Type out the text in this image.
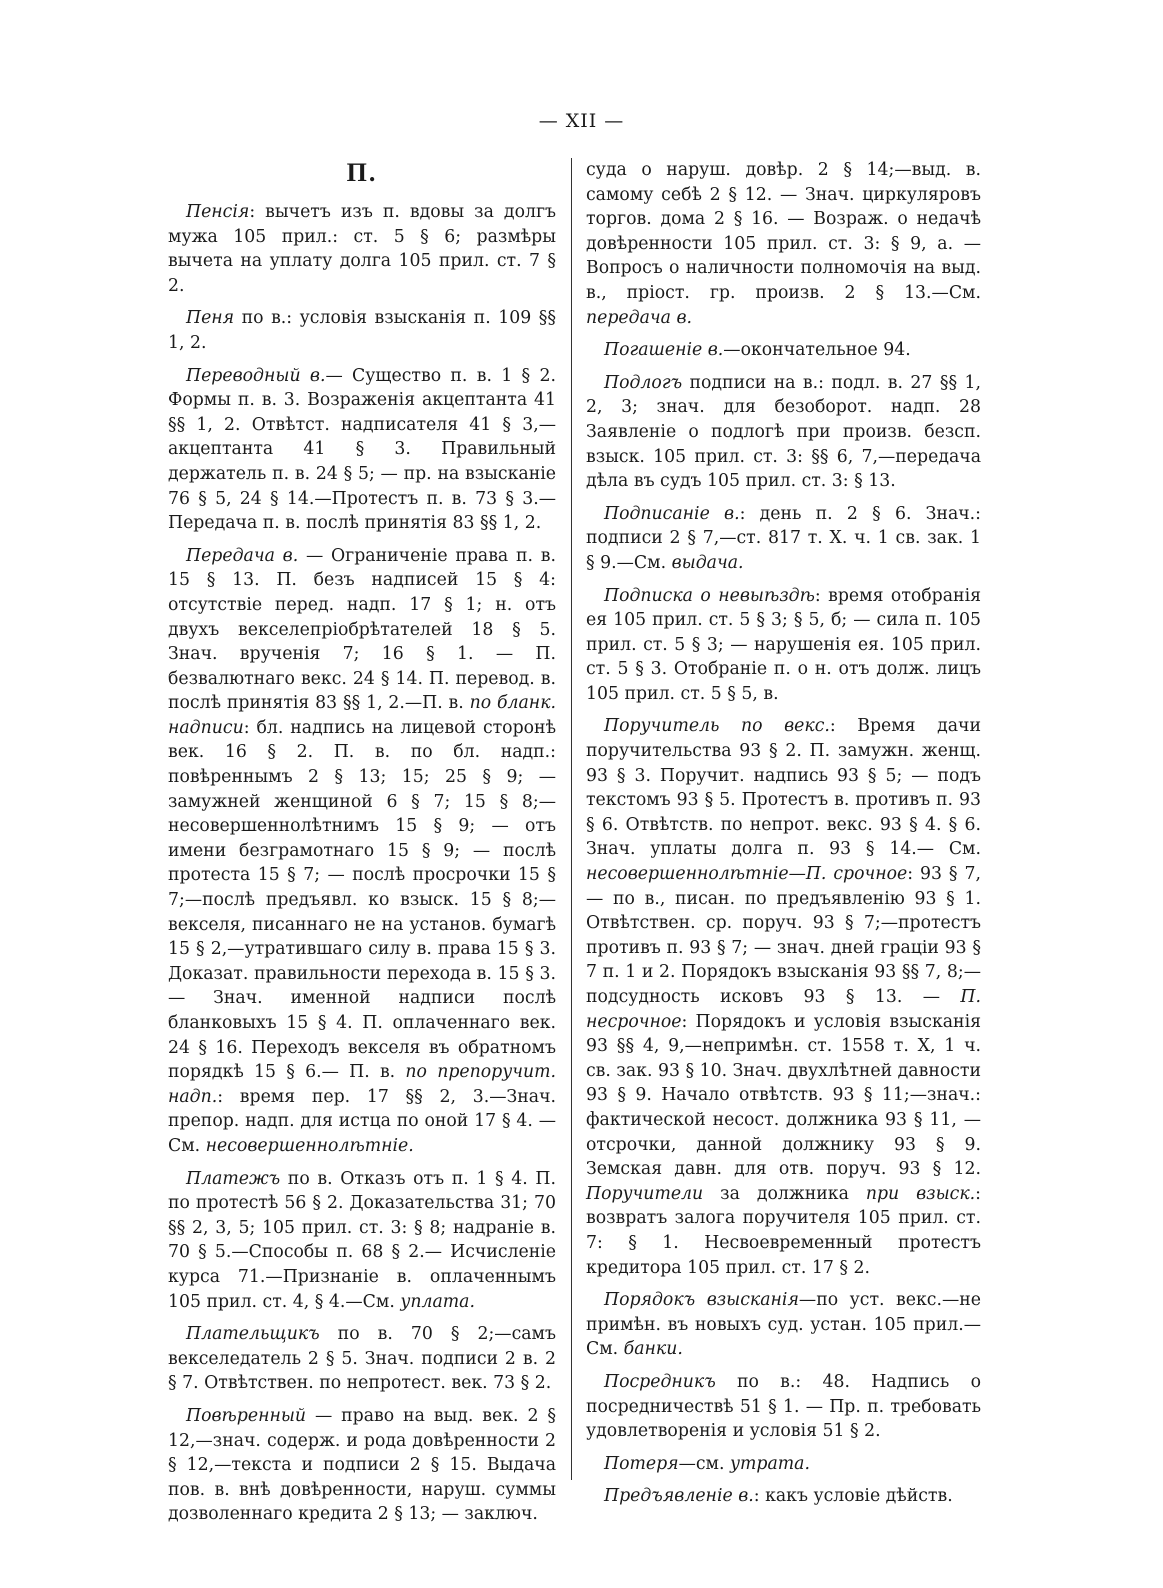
— XII —
П.

Пенсія: вычетъ изъ п. вдовы за долгъ мужа 105 прил.: ст. 5 § 6; размѣры вычета на уплату долга 105 прил. ст. 7 § 2.

Пеня по в.: условія взысканія п. 109 §§ 1, 2.

Переводный в.— Существо п. в. 1 § 2. Формы п. в. 3. Возраженія акцептанта 41 §§ 1, 2. Отвѣтст. надписателя 41 § 3,— акцептанта 41 § 3. Правильный держатель п. в. 24 § 5; — пр. на взысканіе 76 § 5, 24 § 14.—Протестъ п. в. 73 § 3.— Передача п. в. послѣ принятія 83 §§ 1, 2.

Передача в. — Ограниченіе права п. в. 15 § 13. П. безъ надписей 15 § 4: отсутствіе перед. надп. 17 § 1; н. отъ двухъ векселепріобрѣтателей 18 § 5. Знач. врученія 7; 16 § 1. — П. безвалютнаго векс. 24 § 14. П. перевод. в. послѣ принятія 83 §§ 1, 2.—П. в. по бланк. надписи: бл. надпись на лицевой сторонѣ век. 16 § 2. П. в. по бл. надп.: повѣреннымъ 2 § 13; 15; 25 § 9; — замужней женщиной 6 § 7; 15 § 8;—несовершеннолѣтнимъ 15 § 9; — отъ имени безграмотнаго 15 § 9; — послѣ протеста 15 § 7; — послѣ просрочки 15 § 7;—послѣ предъявл. ко взыск. 15 § 8;— векселя, писаннаго не на установ. бумагѣ 15 § 2,—утратившаго силу в. права 15 § 3. Доказат. правильности перехода в. 15 § 3.— Знач. именной надписи послѣ бланковыхъ 15 § 4. П. оплаченнаго век. 24 § 16. Переходъ векселя въ обратномъ порядкѣ 15 § 6.— П. в. по препоручит. надп.: время пер. 17 §§ 2, 3.—Знач. препор. надп. для истца по оной 17 § 4. — См. несовершеннолѣтніе.

Платежъ по в. Отказъ отъ п. 1 § 4. П. по протестѣ 56 § 2. Доказательства 31; 70 §§ 2, 3, 5; 105 прил. ст. 3: § 8; надраніе в. 70 § 5.—Способы п. 68 § 2.— Исчисленіе курса 71.—Признаніе в. оплаченнымъ 105 прил. ст. 4, § 4.—См. уплата.

Плательщикъ по в. 70 § 2;—самъ векселедатель 2 § 5. Знач. подписи 2 в. 2 § 7. Отвѣтствен. по непротест. век. 73 § 2.

Повѣренный — право на выд. век. 2 § 12,—знач. содерж. и рода довѣренности 2 § 12,—текста и подписи 2 § 15. Выдача пов. в. внѣ довѣренности, наруш. суммы дозволеннаго кредита 2 § 13; — заключ.

суда о наруш. довѣр. 2 § 14;—выд. в. самому себѣ 2 § 12. — Знач. циркуляровъ торгов. дома 2 § 16. — Возраж. о недачѣ довѣренности 105 прил. ст. 3: § 9, а. — Вопросъ о наличности полномочія на выд. в., пріост. гр. произв. 2 § 13.—См. передача в.

Погашеніе в.—окончательное 94.

Подлогъ подписи на в.: подл. в. 27 §§ 1, 2, 3; знач. для безоборот. надп. 28 Заявленіе о подлогѣ при произв. безсп. взыск. 105 прил. ст. 3: §§ 6, 7,—передача дѣла въ судъ 105 прил. ст. 3: § 13.

Подписаніе в.: день п. 2 § 6. Знач.: подписи 2 § 7,—ст. 817 т. X. ч. 1 св. зак. 1 § 9.—См. выдача.

Подписка о невыѣздѣ: время отобранія ея 105 прил. ст. 5 § 3; § 5, б; — сила п. 105 прил. ст. 5 § 3; — нарушенія ея. 105 прил. ст. 5 § 3. Отобраніе п. о н. отъ долж. лицъ 105 прил. ст. 5 § 5, в.

Поручитель по векс.: Время дачи поручительства 93 § 2. П. замужн. женщ. 93 § 3. Поручит. надпись 93 § 5; — подъ текстомъ 93 § 5. Протестъ в. противъ п. 93 § 6. Отвѣтств. по непрот. векс. 93 § 4. § 6. Знач. уплаты долга п. 93 § 14.— См. несовершеннолѣтніе—П. срочное: 93 § 7,— по в., писан. по предъявленію 93 § 1. Отвѣтствен. ср. поруч. 93 § 7;—протестъ противъ п. 93 § 7; — знач. дней граціи 93 § 7 п. 1 и 2. Порядокъ взысканія 93 §§ 7, 8;— подсудность исковъ 93 § 13. — П. несрочное: Порядокъ и условія взысканія 93 §§ 4, 9,—непримѣн. ст. 1558 т. X, 1 ч. св. зак. 93 § 10. Знач. двухлѣтней давности 93 § 9. Начало отвѣтств. 93 § 11;—знач.: фактической несост. должника 93 § 11, — отсрочки, данной должнику 93 § 9. Земская давн. для отв. поруч. 93 § 12. Поручители за должника при взыск.: возвратъ залога поручителя 105 прил. ст. 7: § 1. Несвоевременный протестъ кредитора 105 прил. ст. 17 § 2.

Порядокъ взысканія—по уст. векс.—не примѣн. въ новыхъ суд. устан. 105 прил.— См. банки.

Посредникъ по в.: 48. Надпись о посредничествѣ 51 § 1. — Пр. п. требовать удовлетворенія и условія 51 § 2.

Потеря—см. утрата.

Предъявленіе в.: какъ условіе дѣйств.
